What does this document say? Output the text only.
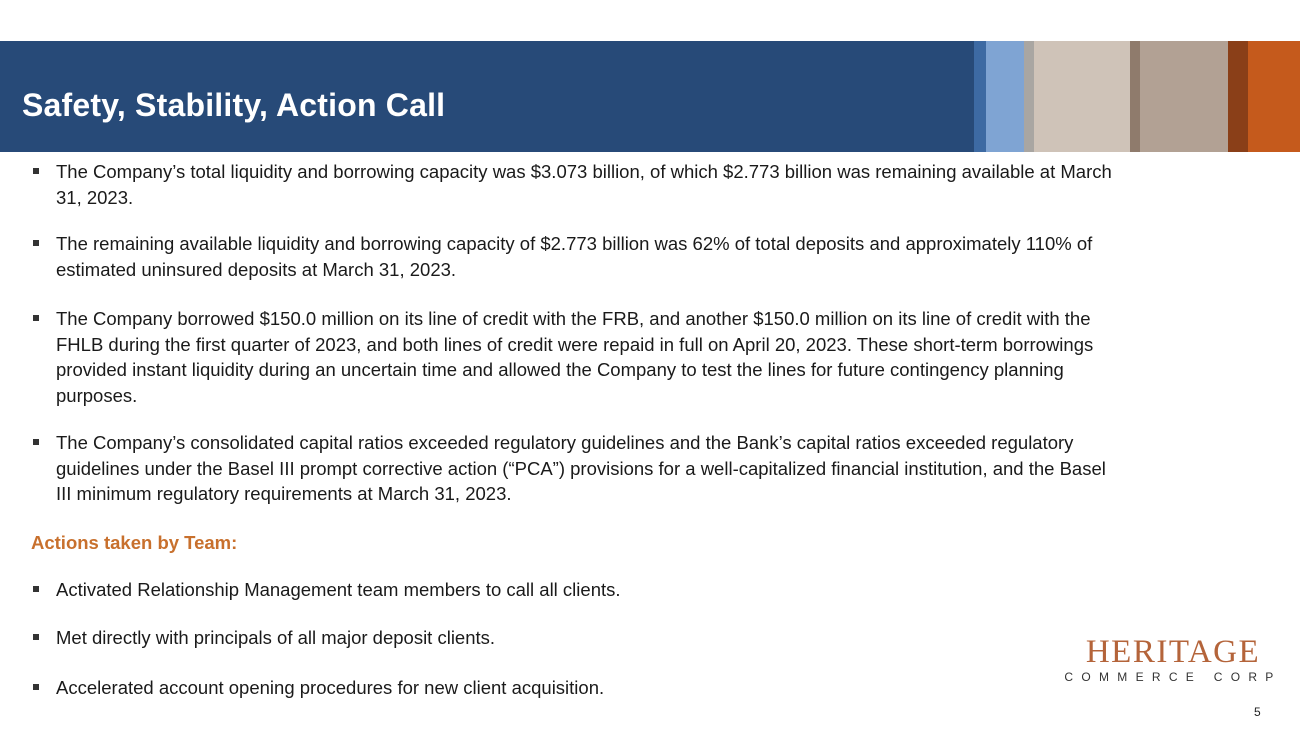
Safety, Stability, Action Call
The Company’s total liquidity and borrowing capacity was $3.073 billion, of which $2.773 billion was remaining available at March 31, 2023.
The remaining available liquidity and borrowing capacity of $2.773 billion was 62% of total deposits and approximately 110% of estimated uninsured deposits at March 31, 2023.
The Company borrowed $150.0 million on its line of credit with the FRB, and another $150.0 million on its line of credit with the FHLB during the first quarter of 2023, and both lines of credit were repaid in full on April 20, 2023. These short-term borrowings provided instant liquidity during an uncertain time and allowed the Company to test the lines for future contingency planning purposes.
The Company’s consolidated capital ratios exceeded regulatory guidelines and the Bank’s capital ratios exceeded regulatory guidelines under the Basel III prompt corrective action (“PCA”) provisions for a well-capitalized financial institution, and the Basel III minimum regulatory requirements at March 31, 2023.
Actions taken by Team:
Activated Relationship Management team members to call all clients.
Met directly with principals of all major deposit clients.
Accelerated account opening procedures for new client acquisition.
HERITAGE
COMMERCE CORP
5
